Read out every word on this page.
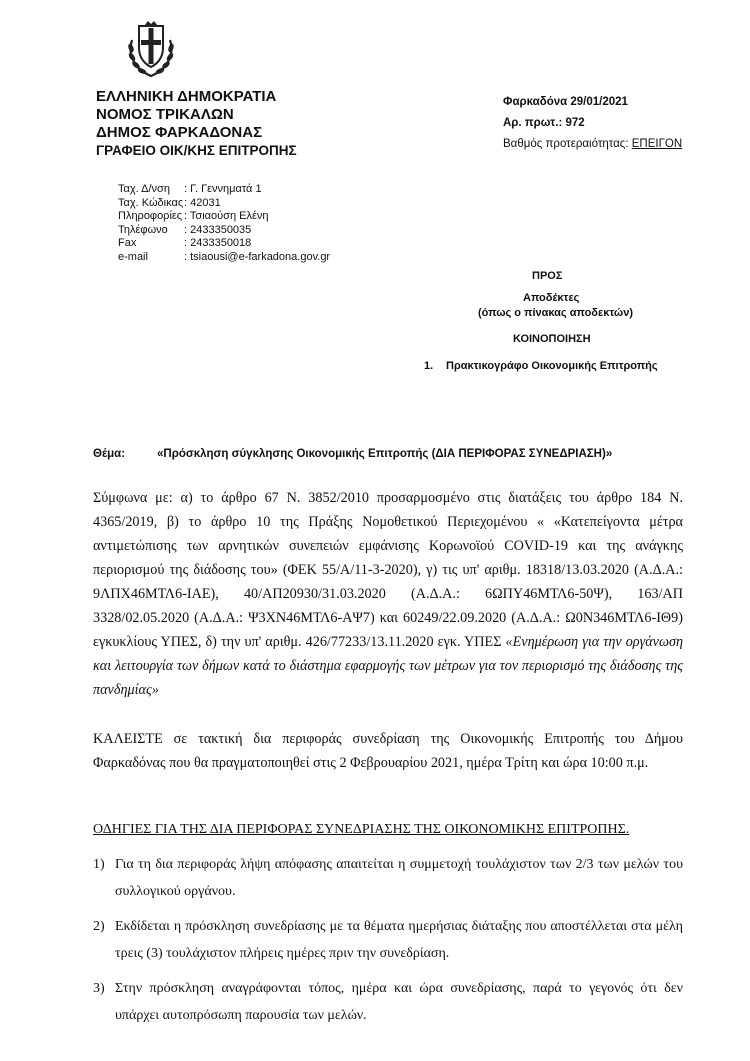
ΕΛΛΗΝΙΚΗ ΔΗΜΟΚΡΑΤΙΑ
ΝΟΜΟΣ ΤΡΙΚΑΛΩΝ
ΔΗΜΟΣ ΦΑΡΚΑΔΟΝΑΣ
ΓΡΑΦΕΙΟ ΟΙΚ/ΚΗΣ ΕΠΙΤΡΟΠΗΣ
Φαρκαδόνα 29/01/2021
Αρ. πρωτ.: 972
Βαθμός προτεραιότητας: ΕΠΕΙΓΟΝ
Ταχ. Δ/νση	: Γ. Γεννηματά 1
Ταχ. Κώδικας : 42031
Πληροφορίες : Τσιαούση Ελένη
Τηλέφωνο	: 2433350035
Fax	: 2433350018
e-mail	: tsiaousi@e-farkadona.gov.gr
ΠΡΟΣ
Αποδέκτες
(όπως ο πίνακας αποδεκτών)
ΚΟΙΝΟΠΟΙΗΣΗ
1. Πρακτικογράφο Οικονομικής Επιτροπής
Θέμα:	«Πρόσκληση σύγκλησης Οικονομικής Επιτροπής (ΔΙΑ ΠΕΡΙΦΟΡΑΣ ΣΥΝΕΔΡΙΑΣΗ)»

Σύμφωνα με: α) το άρθρο 67 Ν. 3852/2010 προσαρμοσμένο στις διατάξεις του άρθρο 184 Ν. 4365/2019, β) το άρθρο 10 της Πράξης Νομοθετικού Περιεχομένου « «Κατεπείγοντα μέτρα αντιμετώπισης των αρνητικών συνεπειών εμφάνισης Κορωνοϊού COVID-19 και της ανάγκης περιορισμού της διάδοσης του» (ΦΕΚ 55/Α/11-3-2020), γ) τις υπ' αριθμ. 18318/13.03.2020 (Α.Δ.Α.: 9ΛΠΧ46ΜΤΛ6-ΙΑΕ), 40/ΑΠ20930/31.03.2020 (Α.Δ.Α.: 6ΩΠΥ46ΜΤΛ6-50Ψ), 163/ΑΠ 3328/02.05.2020 (Α.Δ.Α.: Ψ3ΧΝ46ΜΤΛ6-ΑΨ7) και 60249/22.09.2020 (Α.Δ.Α.: Ω0Ν346ΜΤΛ6-ΙΘ9) εγκυκλίους ΥΠΕΣ, δ) την υπ' αριθμ. 426/77233/13.11.2020 εγκ. ΥΠΕΣ «Ενημέρωση για την οργάνωση και λειτουργία των δήμων κατά το διάστημα εφαρμογής των μέτρων για τον περιορισμό της διάδοσης της πανδημίας»

ΚΑΛΕΙΣΤΕ σε τακτική δια περιφοράς συνεδρίαση της Οικονομικής Επιτροπής του Δήμου Φαρκαδόνας που θα πραγματοποιηθεί στις 2 Φεβρουαρίου 2021, ημέρα Τρίτη και ώρα 10:00 π.μ.

ΟΔΗΓΙΕΣ ΓΙΑ ΤΗΣ ΔΙΑ ΠΕΡΙΦΟΡΑΣ ΣΥΝΕΔΡΙΑΣΗΣ ΤΗΣ ΟΙΚΟΝΟΜΙΚΗΣ ΕΠΙΤΡΟΠΗΣ.
1) Για τη δια περιφοράς λήψη απόφασης απαιτείται η συμμετοχή τουλάχιστον των 2/3 των μελών του συλλογικού οργάνου.
2) Εκδίδεται η πρόσκληση συνεδρίασης με τα θέματα ημερήσιας διάταξης που αποστέλλεται στα μέλη τρεις (3) τουλάχιστον πλήρεις ημέρες πριν την συνεδρίαση.
3) Στην πρόσκληση αναγράφονται τόπος, ημέρα και ώρα συνεδρίασης, παρά το γεγονός ότι δεν υπάρχει αυτοπρόσωπη παρουσία των μελών.
